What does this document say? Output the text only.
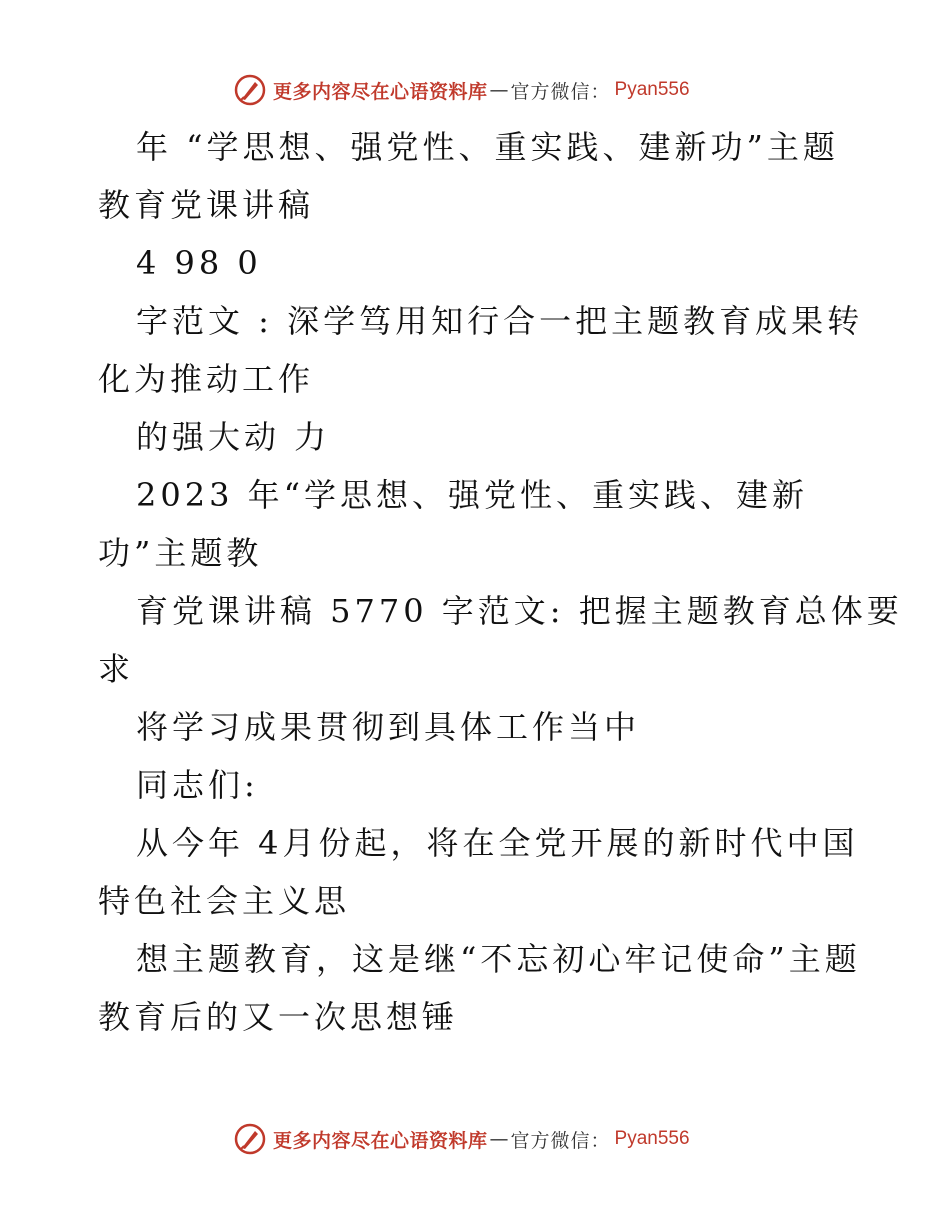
更多内容尽在心语资料库 — 官方微信： Pyan556
年 “学思想、强党性、重实践、建新功”主题
教育党课讲稿
4 98 0
字范文 : 深学笃用知行合一把主题教育成果转
化为推动工作
的强大动 力
2023 年“学思想、强党性、重实践、建新
功”主题教
育党课讲稿 5770 字范文: 把握主题教育总体要
求
将学习成果贯彻到具体工作当中
同志们:
从今年 4月份起，将在全党开展的新时代中国
特色社会主义思
想主题教育，这是继“不忘初心牢记使命”主题
教育后的又一次思想锤
更多内容尽在心语资料库 — 官方微信： Pyan556
